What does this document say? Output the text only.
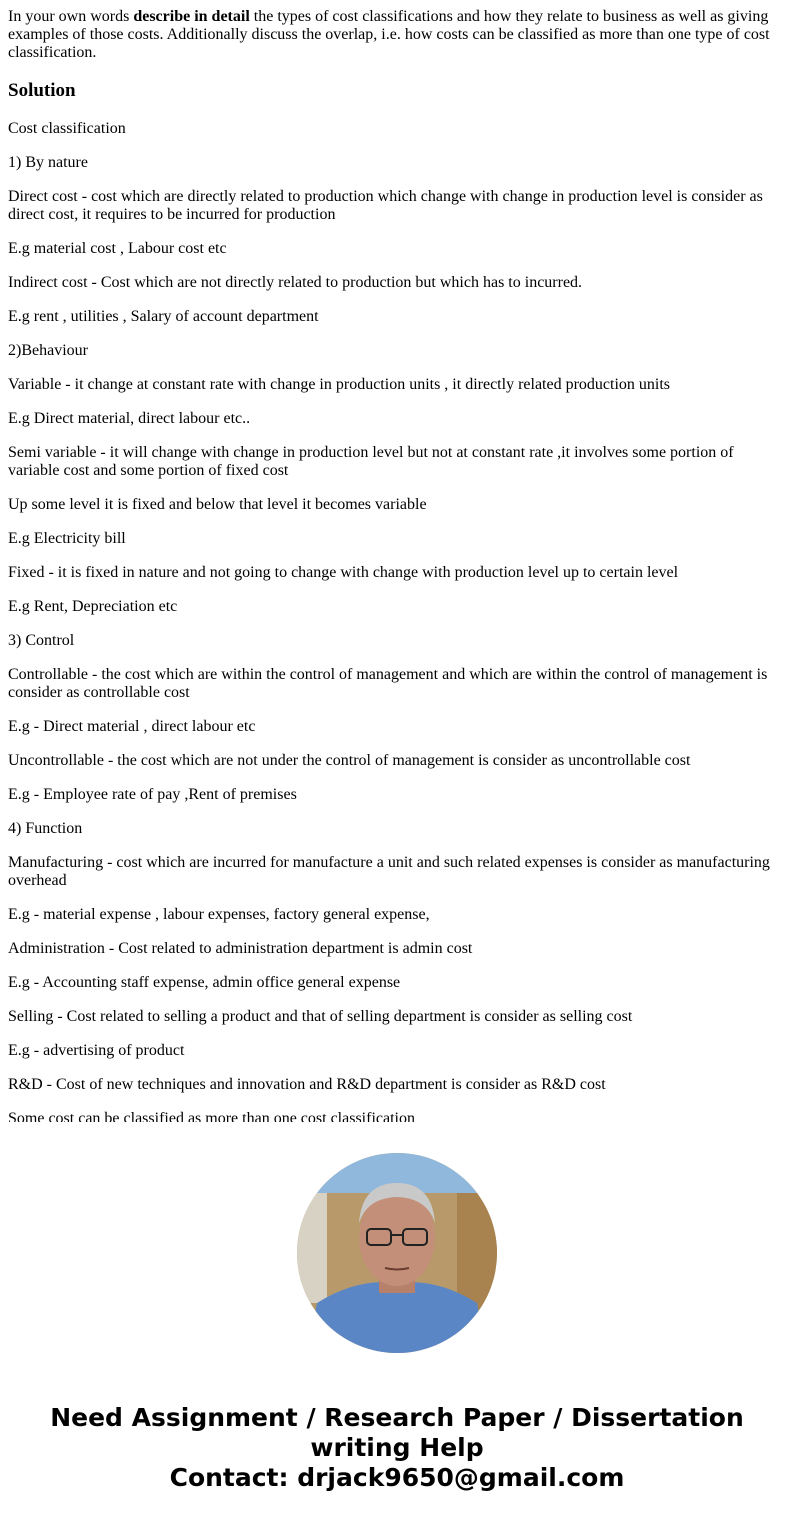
In your own words describe in detail the types of cost classifications and how they relate to business as well as giving examples of those costs. Additionally discuss the overlap, i.e. how costs can be classified as more than one type of cost classification.

Solution

Cost classification

1) By nature

Direct cost - cost which are directly related to production which change with change in production level is consider as direct cost, it requires to be incurred for production

E.g material cost , Labour cost etc

Indirect cost - Cost which are not directly related to production but which has to incurred.

E.g rent , utilities , Salary of account department

2)Behaviour

Variable - it change at constant rate with change in production units , it directly related production units

E.g Direct material, direct labour etc..

Semi variable - it will change with change in production level but not at constant rate ,it involves some portion of variable cost and some portion of fixed cost

Up some level it is fixed and below that level it becomes variable

E.g Electricity bill

Fixed - it is fixed in nature and not going to change with change with production level up to certain level

E.g Rent, Depreciation etc

3) Control

Controllable - the cost which are within the control of management and which are within the control of management is consider as controllable cost

E.g - Direct material , direct labour etc

Uncontrollable - the cost which are not under the control of management is consider as uncontrollable cost

E.g - Employee rate of pay ,Rent of premises

4) Function

Manufacturing - cost which are incurred for manufacture a unit and such related expenses is consider as manufacturing overhead

E.g - material expense , labour expenses, factory general expense,

Administration - Cost related to administration department is admin cost

E.g - Accounting staff expense, admin office general expense

Selling - Cost related to selling a product and that of selling department is consider as selling cost

E.g - advertising of product

R&D - Cost of new techniques and innovation and R&D department is consider as R&D cost

Some cost can be classified as more than one cost classification

Need Assignment / Research Paper / Dissertation writing Help
Contact: drjack9650@gmail.com
